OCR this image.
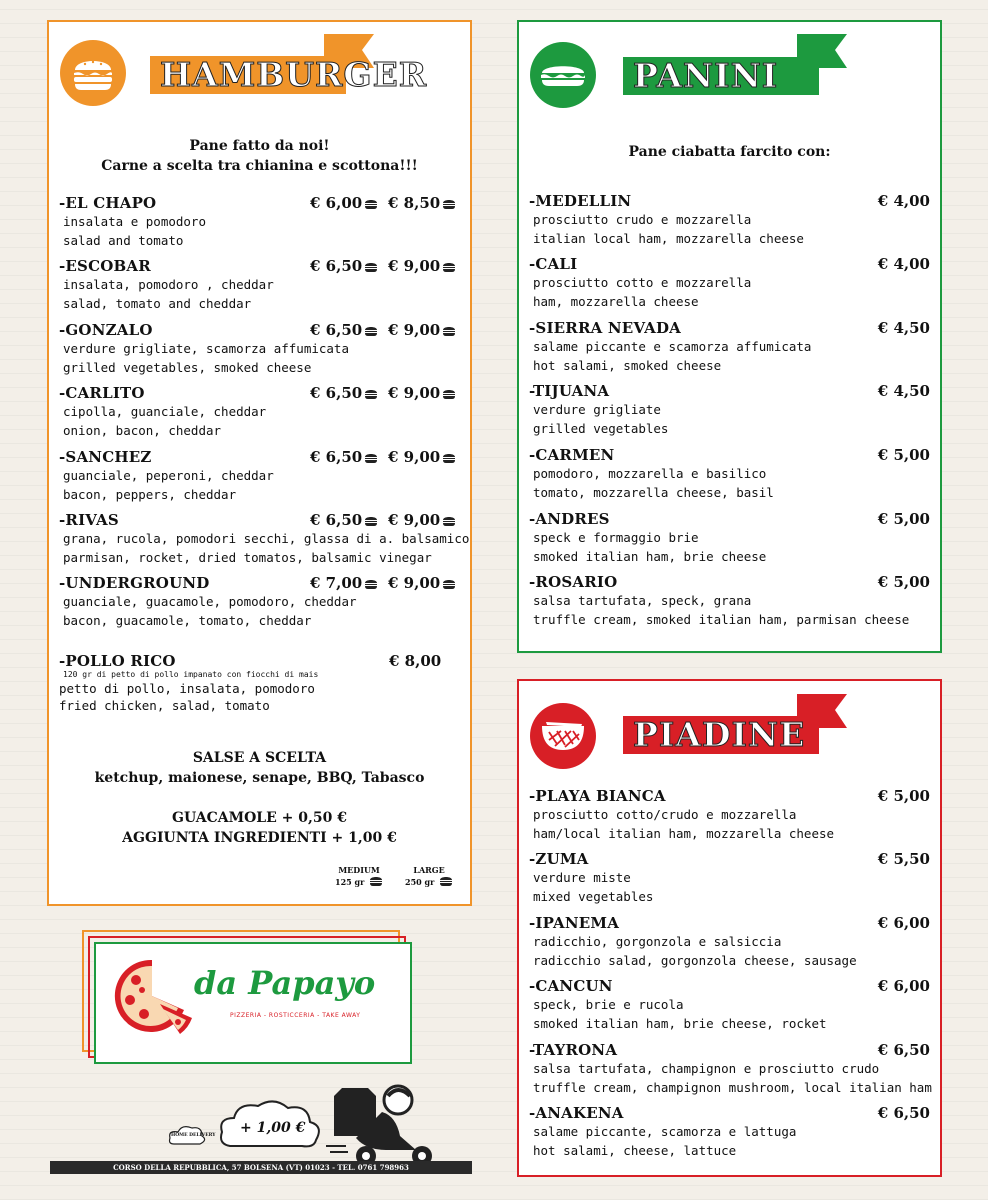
HAMBURGER
Pane fatto da noi!
Carne a scelta tra chianina e scottona!!!
-EL CHAPO	€ 6,00	€ 8,50
insalata e pomodoro
salad and tomato
-ESCOBAR	€ 6,50	€ 9,00
insalata, pomodoro , cheddar
salad, tomato and cheddar
-GONZALO	€ 6,50	€ 9,00
verdure grigliate, scamorza affumicata
grilled vegetables, smoked cheese
-CARLITO	€ 6,50	€ 9,00
cipolla, guanciale, cheddar
onion, bacon, cheddar
-SANCHEZ	€ 6,50	€ 9,00
guanciale, peperoni, cheddar
bacon, peppers, cheddar
-RIVAS	€ 6,50	€ 9,00
grana, rucola, pomodori secchi, glassa di a. balsamico
parmisan, rocket, dried tomatos, balsamic vinegar
-UNDERGROUND	€ 7,00	€ 9,00
guanciale, guacamole, pomodoro, cheddar
bacon, guacamole, tomato, cheddar
-POLLO RICO	€ 8,00
120 gr di petto di pollo impanato con fiocchi di mais
petto di pollo, insalata, pomodoro
fried chicken, salad, tomato
SALSE A SCELTA
ketchup, maionese, senape, BBQ, Tabasco
GUACAMOLE + 0,50 €
AGGIUNTA INGREDIENTI + 1,00 €
MEDIUM
125 gr
LARGE
250 gr
PANINI
Pane ciabatta farcito con:
-MEDELLIN	€ 4,00
prosciutto crudo e mozzarella
italian local ham, mozzarella cheese
-CALI	€ 4,00
prosciutto cotto e mozzarella
ham, mozzarella cheese
-SIERRA NEVADA	€ 4,50
salame piccante e scamorza affumicata
hot salami, smoked cheese
-TIJUANA	€ 4,50
verdure grigliate
grilled vegetables
-CARMEN	€ 5,00
pomodoro, mozzarella e basilico
tomato, mozzarella cheese, basil
-ANDRES	€ 5,00
speck e formaggio brie
smoked italian ham, brie cheese
-ROSARIO	€ 5,00
salsa tartufata, speck, grana
truffle cream, smoked italian ham, parmisan cheese
PIADINE
-PLAYA BIANCA	€ 5,00
prosciutto cotto/crudo e mozzarella
ham/local italian ham, mozzarella cheese
-ZUMA	€ 5,50
verdure miste
mixed vegetables
-IPANEMA	€ 6,00
radicchio, gorgonzola e salsiccia
radicchio salad, gorgonzola cheese, sausage
-CANCUN	€ 6,00
speck, brie e rucola
smoked italian ham, brie cheese, rocket
-TAYRONA	€ 6,50
salsa tartufata, champignon e prosciutto crudo
truffle cream, champignon mushroom, local italian ham
-ANAKENA	€ 6,50
salame piccante, scamorza e lattuga
hot salami, cheese, lattuce
da Papayo
PIZZERIA - ROSTICCERIA - TAKE AWAY
HOME DELIVERY + 1,00 €
CORSO DELLA REPUBBLICA, 57 BOLSENA (VT) 01023 - TEL. 0761 798963
